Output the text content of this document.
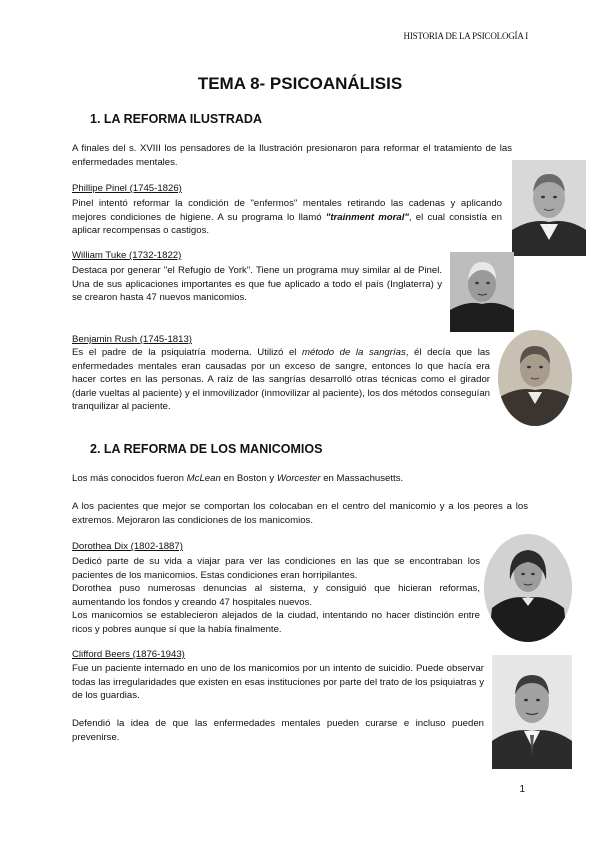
HISTORIA DE LA PSICOLOGÍA I
TEMA 8- PSICOANÁLISIS
1. LA REFORMA ILUSTRADA
A finales del s. XVIII los pensadores de la Ilustración presionaron para reformar el tratamiento de las enfermedades mentales.
Phillipe Pinel (1745-1826)
Pinel intentó reformar la condición de "enfermos" mentales retirando las cadenas y aplicando mejores condiciones de higiene. A su programa lo llamó "trainment moral", el cual consistía en aplicar recompensas o castigos.
William Tuke (1732-1822)
Destaca por generar "el Refugio de York". Tiene un programa muy similar al de Pinel. Una de sus aplicaciones importantes es que fue aplicado a todo el país (Inglaterra) y se crearon hasta 47 nuevos manicomios.
Benjamin Rush (1745-1813)
Es el padre de la psiquiatría moderna. Utilizó el método de la sangrías, él decía que las enfermedades mentales eran causadas por un exceso de sangre, entonces lo que hacía era hacer cortes en las personas. A raíz de las sangrías desarrolló otras técnicas como el girador (darle vueltas al paciente) y el inmovilizador (inmovilizar al paciente), los dos métodos conseguían tranquilizar al paciente.
2. LA REFORMA DE LOS MANICOMIOS
Los más conocidos fueron McLean en Boston y Worcester en Massachusetts.
A los pacientes que mejor se comportan los colocaban en el centro del manicomio y a los peores a los extremos. Mejoraron las condiciones de los manicomios.
Dorothea Dix (1802-1887)
Dedicó parte de su vida a viajar para ver las condiciones en las que se encontraban los pacientes de los manicomios. Estas condiciones eran horripilantes.
Dorothea puso numerosas denuncias al sistema, y consiguió que hicieran reformas, aumentando los fondos y creando 47 hospitales nuevos.
Los manicomios se establecieron alejados de la ciudad, intentando no hacer distinción entre ricos y pobres aunque sí que la había finalmente.
Clifford Beers (1876-1943)
Fue un paciente internado en uno de los manicomios por un intento de suicidio. Puede observar todas las irregularidades que existen en esas instituciones por parte del trato de los psiquiatras y de los guardias.
Defendió la idea de que las enfermedades mentales pueden curarse e incluso pueden prevenirse.
1
